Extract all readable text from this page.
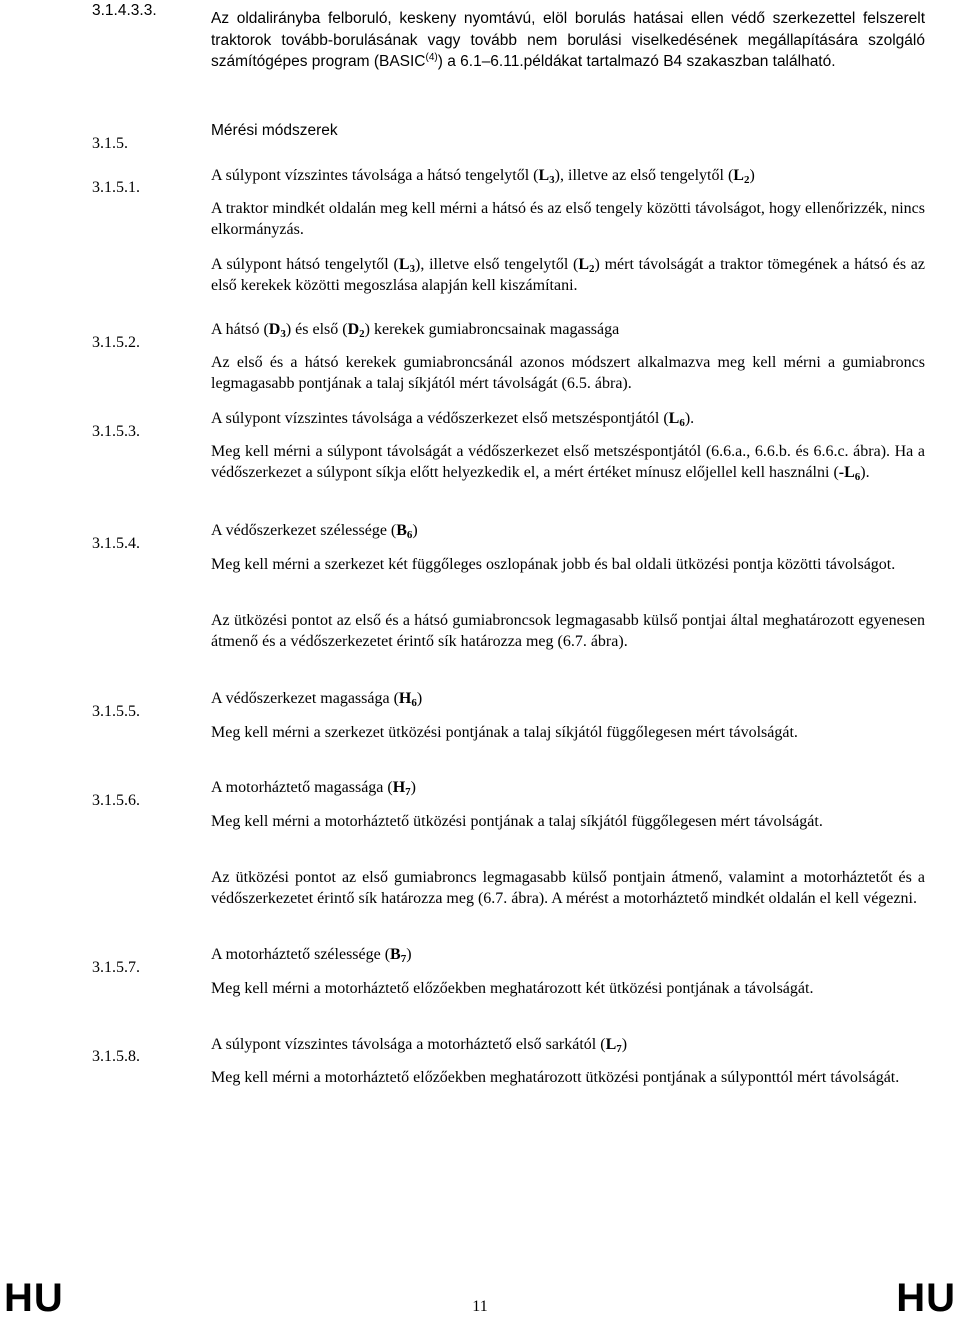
3.1.4.3.3.
3.1.5.
3.1.5.1.
3.1.5.2.
3.1.5.3.
3.1.5.4.
3.1.5.5.
3.1.5.6.
3.1.5.7.
3.1.5.8.

Az oldalirányba felboruló, keskeny nyomtávú, elöl borulás hatásai ellen védő szerkezettel felszerelt traktorok tovább-borulásának vagy tovább nem borulási viselkedésének megállapítására szolgáló számítógépes program (BASIC$^{(4)}$) a 6.1–6.11.példákat tartalmazó B4 szakaszban található.

Mérési módszerek
A súlypont vízszintes távolsága a hátsó tengelytől $(L_3)$, illetve az első tengelytől $(L_2)$

A traktor mindkét oldalán meg kell mérni a hátsó és az első tengely közötti távolságot, hogy ellenőrizzék, nincs elkormányzás.

A súlypont hátsó tengelytől $(L_3)$, illetve első tengelytől $(L_2)$ mért távolságát a traktor tömegének a hátsó és az első kerekek közötti megoszlása alapján kell kiszámítani.

A hátsó $(D_3)$ és első $(D_2)$ kerekek gumiabroncsainak magassága

Az első és a hátsó kerekek gumiabroncsánál azonos módszert alkalmazva meg kell mérni a gumiabroncs legmagasabb pontjának a talaj síkjától mért távolságát (6.5. ábra).

A súlypont vízszintes távolsága a védőszerkezet első metszéspontjától $(L_6)$.

Meg kell mérni a súlypont távolságát a védőszerkezet első metszéspontjától (6.6.a., 6.6.b. és 6.6.c. ábra). Ha a védőszerkezet a súlypont síkja előtt helyezkedik el, a mért értéket mínusz előjellel kell használni $(-L_6)$.

A védőszerkezet szélessége $(B_6)$

Meg kell mérni a szerkezet két függőleges oszlopának jobb és bal oldali ütközési pontja közötti távolságot.

Az ütközési pontot az első és a hátsó gumiabroncsok legmagasabb külső pontjai által meghatározott egyenesen átmenő és a védőszerkezetet érintő sík határozza meg (6.7. ábra).

A védőszerkezet magassága $(H_6)$

Meg kell mérni a szerkezet ütközési pontjának a talaj síkjától függőlegesen mért távolságát.

A motorháztető magassága $(H_7)$

Meg kell mérni a motorháztető ütközési pontjának a talaj síkjától függőlegesen mért távolságát.

Az ütközési pontot az első gumiabroncs legmagasabb külső pontjain átmenő, valamint a motorháztetőt és a védőszerkezetet érintő sík határozza meg (6.7. ábra). A mérést a motorháztető mindkét oldalán el kell végezni.

A motorháztető szélessége $(B_7)$

Meg kell mérni a motorháztető előzőekben meghatározott két ütközési pontjának a távolságát.

A súlypont vízszintes távolsága a motorháztető első sarkától $(L_7)$

Meg kell mérni a motorháztető előzőekben meghatározott ütközési pontjának a súlyponttól mért távolságát.

HU	11	HU
